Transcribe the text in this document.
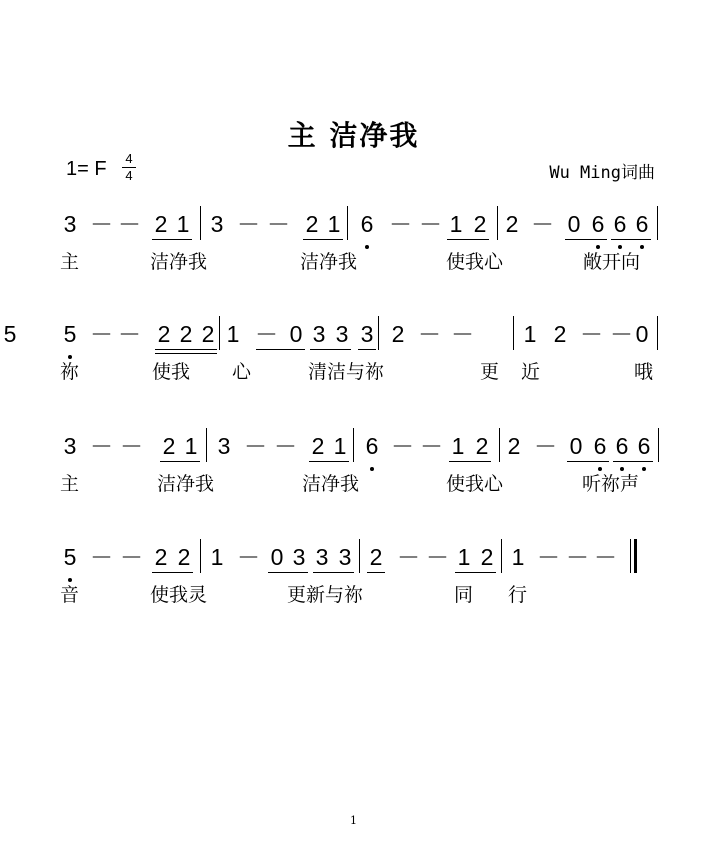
主 洁净我
1= F	4
4	Wu Ming词曲
3 － － 2 1 3 － － 2 1 6 － － 1 2 2 － 0 6 6 6
主	洁净我	洁净我	使我心	敞开向
5 － － 2 2 2 1 － 0 3 3 3 2 － － 1 2 － － 0
5
祢	使我 心	清洁与祢	更 近	哦
3 － － 2 1 3 － － 2 1 6 － － 1 2 2 － 0 6 6 6
主	洁净我	洁净我	使我心	听祢声
5 － － 2 2 1 － 0 3 3 3 2 － － 1 2 1 － － －
音	使我灵	更新与祢	同 行
1
